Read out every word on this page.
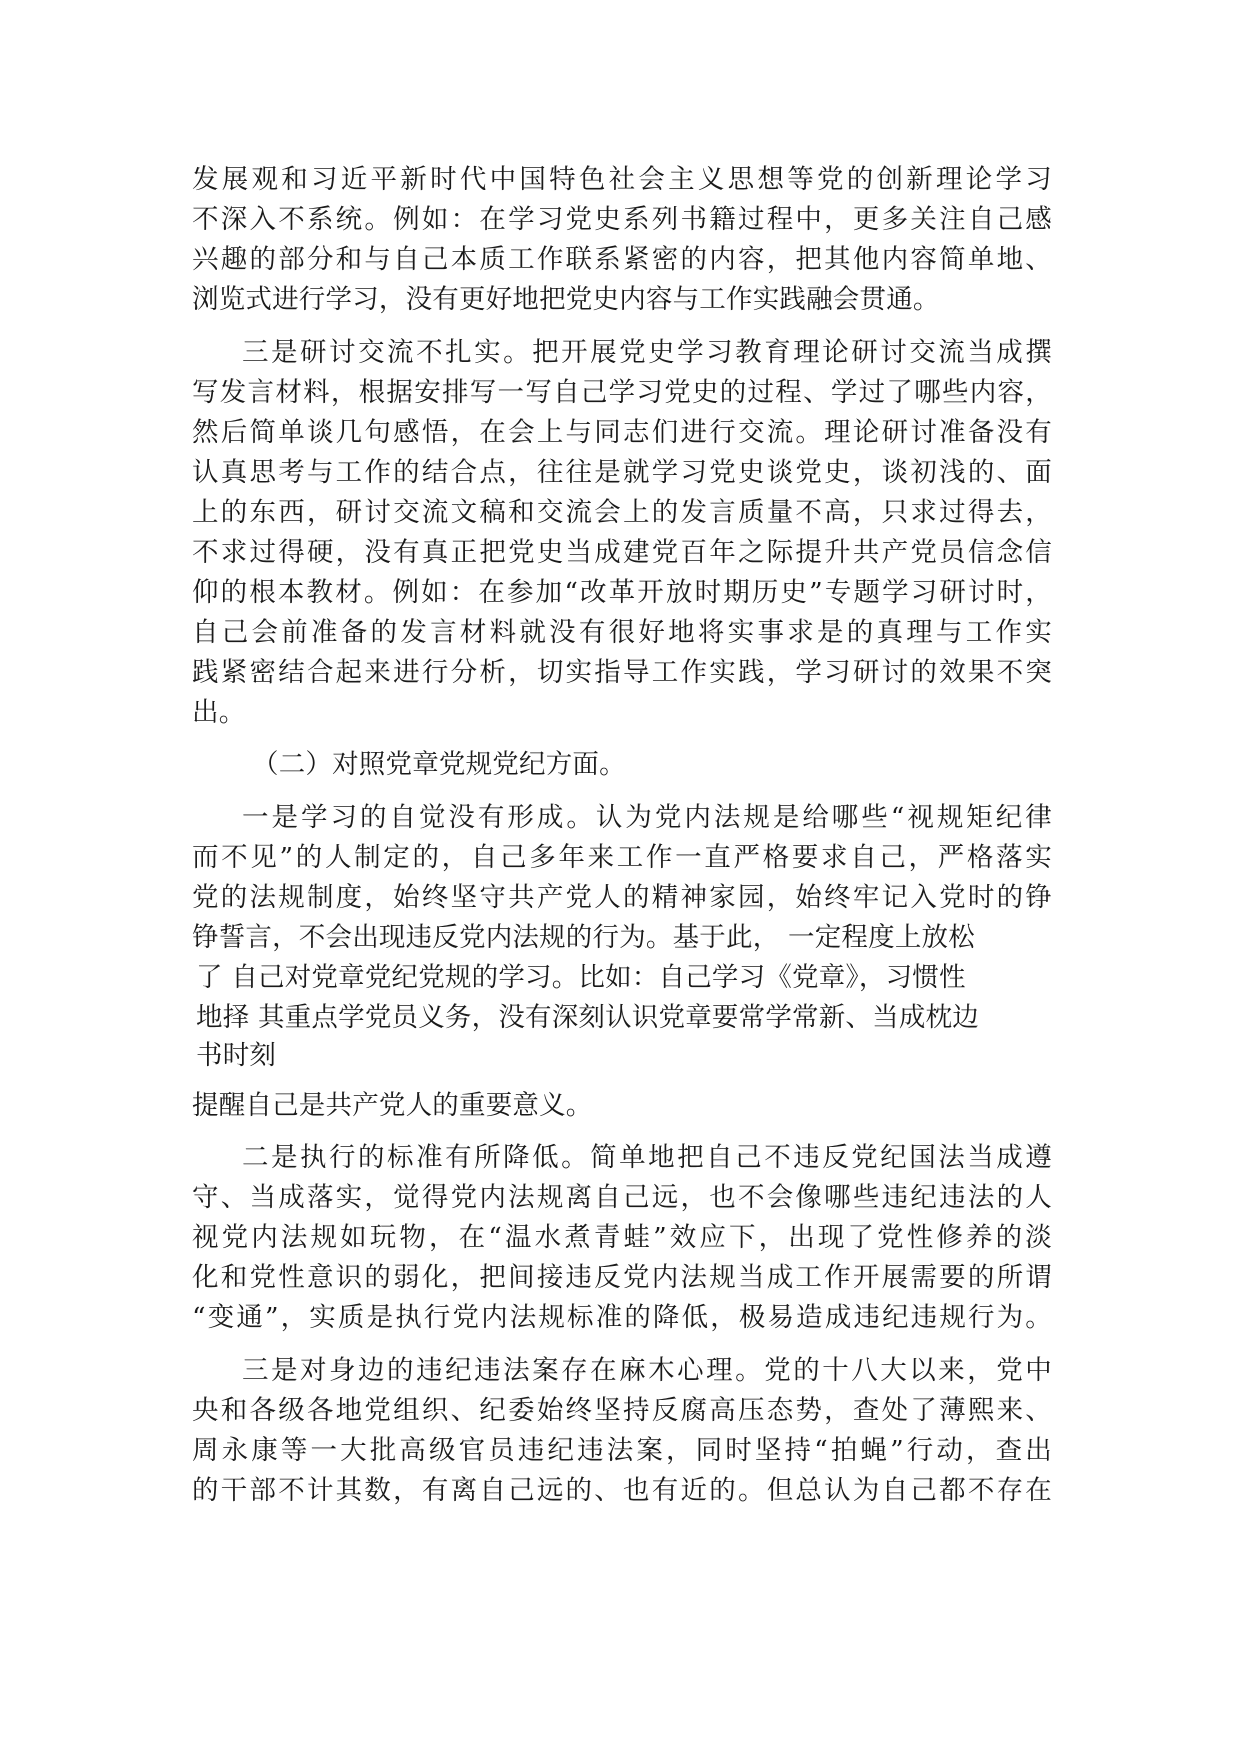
发展观和习近平新时代中国特色社会主义思想等党的创新理论学习
不深入不系统。例如：在学习党史系列书籍过程中，更多关注自己感
兴趣的部分和与自己本质工作联系紧密的内容，把其他内容简单地、
浏览式进行学习，没有更好地把党史内容与工作实践融会贯通。
三是研讨交流不扎实。把开展党史学习教育理论研讨交流当成撰
写发言材料，根据安排写一写自己学习党史的过程、学过了哪些内容，
然后简单谈几句感悟，在会上与同志们进行交流。理论研讨准备没有
认真思考与工作的结合点，往往是就学习党史谈党史，谈初浅的、面
上的东西，研讨交流文稿和交流会上的发言质量不高，只求过得去，
不求过得硬，没有真正把党史当成建党百年之际提升共产党员信念信
仰的根本教材。例如：在参加“改革开放时期历史”专题学习研讨时，
自己会前准备的发言材料就没有很好地将实事求是的真理与工作实
践紧密结合起来进行分析，切实指导工作实践，学习研讨的效果不突
出。
（二）对照党章党规党纪方面。
一是学习的自觉没有形成。认为党内法规是给哪些“视规矩纪律
而不见”的人制定的，自己多年来工作一直严格要求自己，严格落实
党的法规制度，始终坚守共产党人的精神家园，始终牢记入党时的铮
铮誓言，不会出现违反党内法规的行为。基于此， 一定程度上放松
了 自己对党章党纪党规的学习。比如：自己学习《党章》，习惯性
地择 其重点学党员义务，没有深刻认识党章要常学常新、当成枕边
书时刻
提醒自己是共产党人的重要意义。
二是执行的标准有所降低。简单地把自己不违反党纪国法当成遵
守、当成落实，觉得党内法规离自己远，也不会像哪些违纪违法的人
视党内法规如玩物，在“温水煮青蛙”效应下，出现了党性修养的淡
化和党性意识的弱化，把间接违反党内法规当成工作开展需要的所谓
“变通”，实质是执行党内法规标准的降低，极易造成违纪违规行为。
三是对身边的违纪违法案存在麻木心理。党的十八大以来，党中
央和各级各地党组织、纪委始终坚持反腐高压态势，查处了薄熙来、
周永康等一大批高级官员违纪违法案，同时坚持“拍蝇”行动，查出
的干部不计其数，有离自己远的、也有近的。但总认为自己都不存在
